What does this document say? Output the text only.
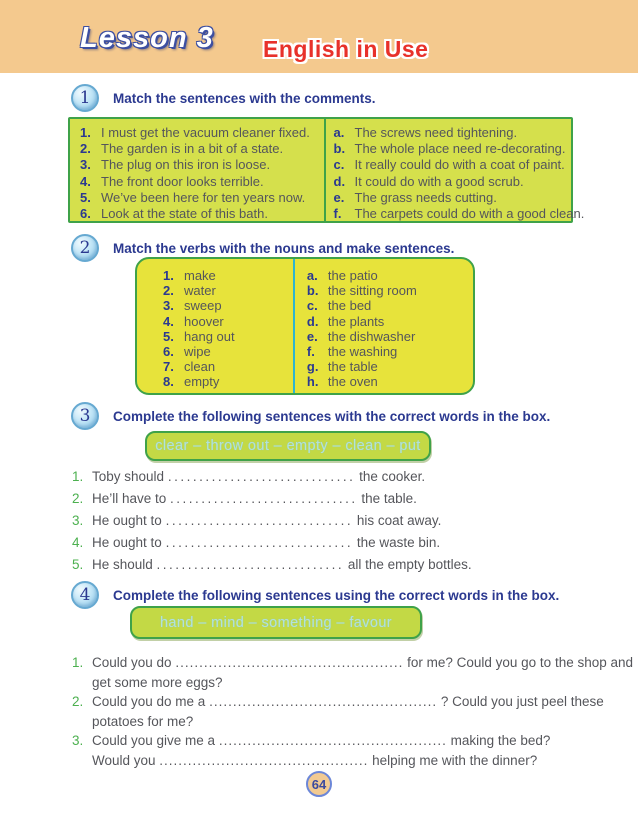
Lesson 3 English in Use
1	Match the sentences with the comments.
1. I must get the vacuum cleaner fixed.
2. The garden is in a bit of a state.
3. The plug on this iron is loose.
4. The front door looks terrible.
5. We’ve been here for ten years now.
6. Look at the state of this bath.
a. The screws need tightening.
b. The whole place need re-decorating.
c. It really could do with a coat of paint.
d. It could do with a good scrub.
e. The grass needs cutting.
f. The carpets could do with a good clean.
2	Match the verbs with the nouns and make sentences.
1. make
2. water
3. sweep
4. hoover
5. hang out
6. wipe
7. clean
8. empty
a. the patio
b. the sitting room
c. the bed
d. the plants
e. the dishwasher
f. the washing
g. the table
h. the oven
3	Complete the following sentences with the correct words in the box.
clear – throw out – empty – clean – put
1. Toby should .............................. the cooker.
2. He’ll have to .............................. the table.
3. He ought to .............................. his coat away.
4. He ought to .............................. the waste bin.
5. He should .............................. all the empty bottles.
4	Complete the following sentences using the correct words in the box.
hand – mind – something – favour
1. Could you do ................................................ for me? Could you go to the shop and
get some more eggs?
2. Could you do me a ................................................ ? Could you just peel these
potatoes for me?
3. Could you give me a ................................................ making the bed?
Would you ............................................ helping me with the dinner?
64
